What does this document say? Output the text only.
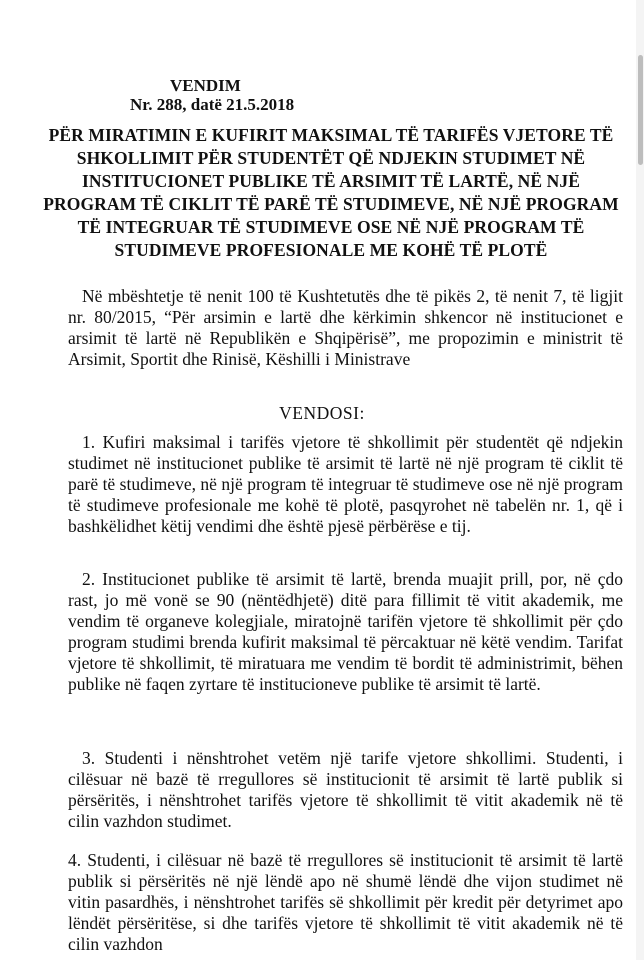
VENDIM
Nr. 288, datë 21.5.2018
PËR MIRATIMIN E KUFIRIT MAKSIMAL TË TARIFËS VJETORE TË SHKOLLIMIT PËR STUDENTËT QË NDJEKIN STUDIMET NË INSTITUCIONET PUBLIKE TË ARSIMIT TË LARTË, NË NJË PROGRAM TË CIKLIT TË PARË TË STUDIMEVE, NË NJË PROGRAM TË INTEGRUAR TË STUDIMEVE OSE NË NJË PROGRAM TË STUDIMEVE PROFESIONALE ME KOHË TË PLOTË
Në mbështetje të nenit 100 të Kushtetutës dhe të pikës 2, të nenit 7, të ligjit nr. 80/2015, “Për arsimin e lartë dhe kërkimin shkencor në institucionet e arsimit të lartë në Republikën e Shqipërisë”, me propozimin e ministrit të Arsimit, Sportit dhe Rinisë, Këshilli i Ministrave
VENDOSI:
1. Kufiri maksimal i tarifës vjetore të shkollimit për studentët që ndjekin studimet në institucionet publike të arsimit të lartë në një program të ciklit të parë të studimeve, në një program të integruar të studimeve ose në një program të studimeve profesionale me kohë të plotë, pasqyrohet në tabelën nr. 1, që i bashkëlidhet këtij vendimi dhe është pjesë përbërëse e tij.
2. Institucionet publike të arsimit të lartë, brenda muajit prill, por, në çdo rast, jo më vonë se 90 (nëntëdhjetë) ditë para fillimit të vitit akademik, me vendim të organeve kolegjiale, miratojnë tarifën vjetore të shkollimit për çdo program studimi brenda kufirit maksimal të përcaktuar në këtë vendim. Tarifat vjetore të shkollimit, të miratuara me vendim të bordit të administrimit, bëhen publike në faqen zyrtare të institucioneve publike të arsimit të lartë.
3. Studenti i nënshtrohet vetëm një tarife vjetore shkollimi. Studenti, i cilësuar në bazë të rregullores së institucionit të arsimit të lartë publik si përsëritës, i nënshtrohet tarifës vjetore të shkollimit të vitit akademik në të cilin vazhdon studimet.
4. Studenti, i cilësuar në bazë të rregullores së institucionit të arsimit të lartë publik si përsëritës në një lëndë apo në shumë lëndë dhe vijon studimet në vitin pasardhës, i nënshtrohet tarifës së shkollimit për kredit për detyrimet apo lëndët përsëritëse, si dhe tarifës vjetore të shkollimit të vitit akademik në të cilin vazhdon
